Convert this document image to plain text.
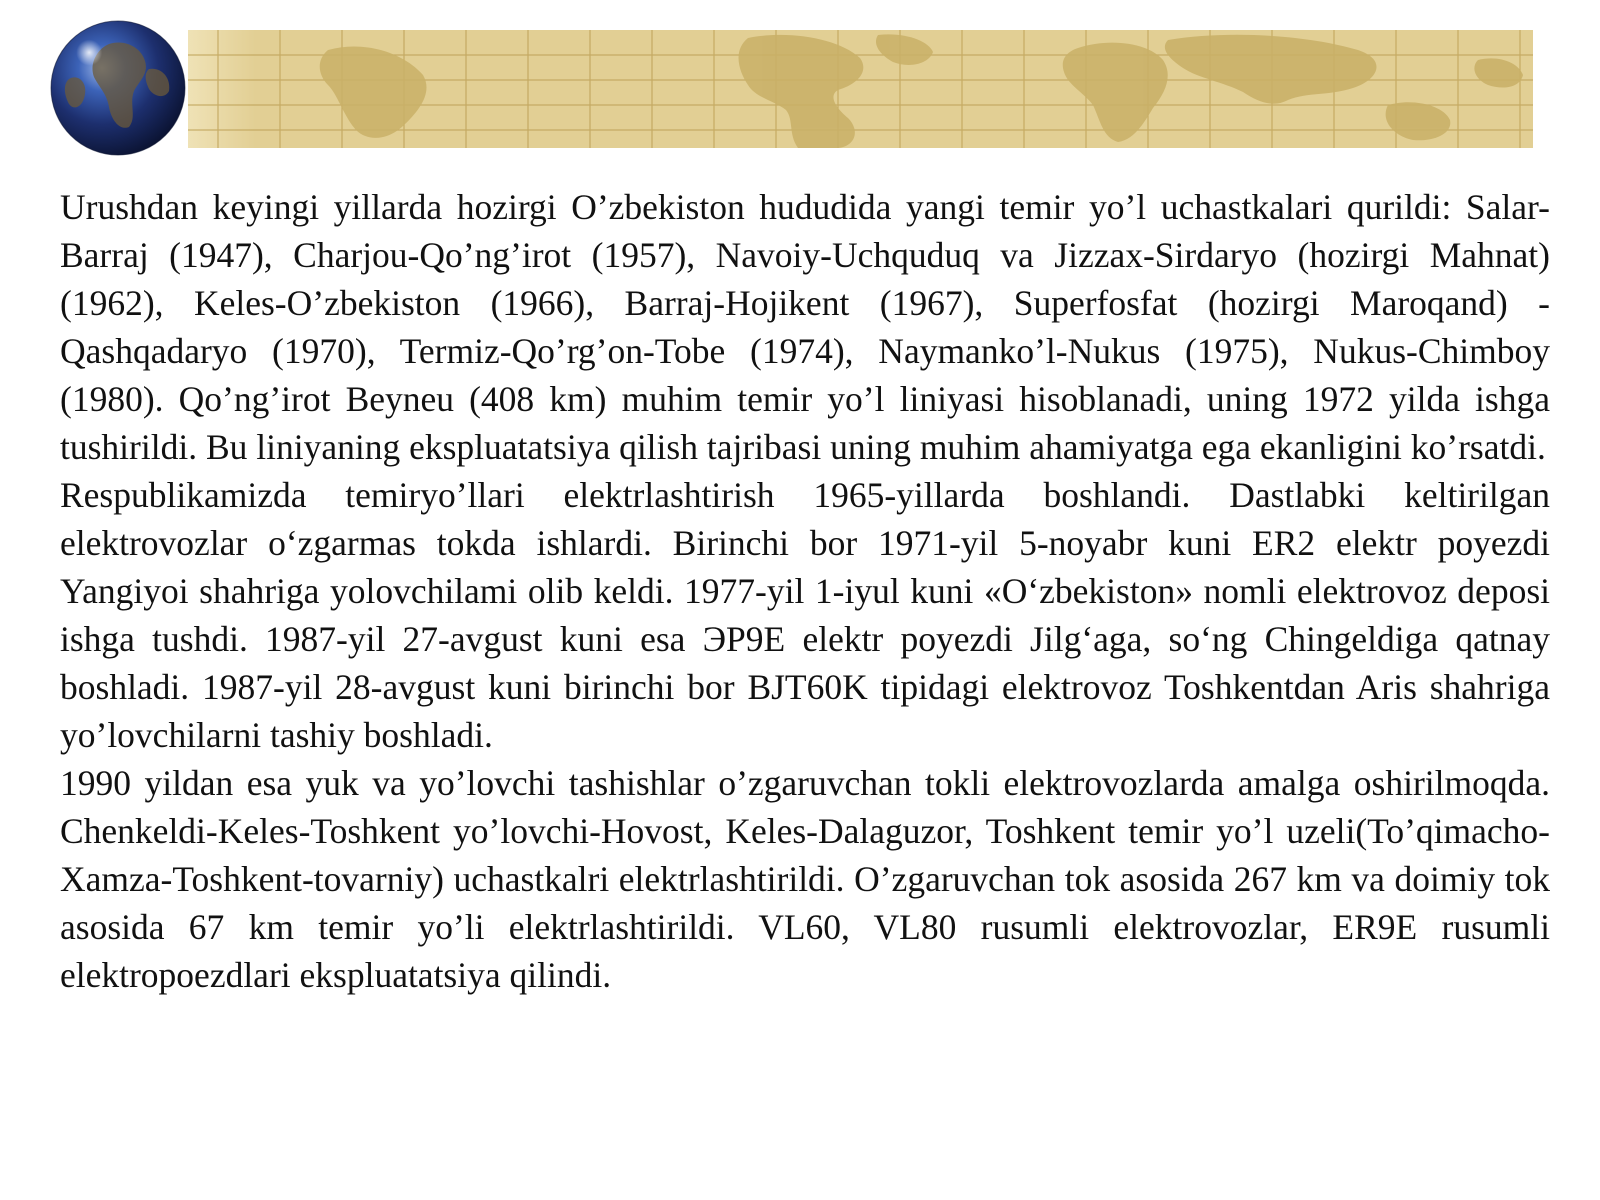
Urushdan keyingi yillarda hozirgi O’zbekiston hududida yangi temir yo’l uchastkalari qurildi: Salar-Barraj (1947), Charjou-Qo’ng’irot (1957), Navoiy-Uchquduq va Jizzax-Sirdaryo (hozirgi Mahnat) (1962), Keles-O’zbekiston (1966), Barraj-Hojikent (1967), Superfosfat (hozirgi Maroqand) - Qashqadaryo (1970), Termiz-Qo’rg’on-Tobe (1974), Naymanko’l-Nukus (1975), Nukus-Chimboy (1980). Qo’ng’irot Beyneu (408 km) muhim temir yo’l liniyasi hisoblanadi, uning 1972 yilda ishga tushirildi. Bu liniyaning ekspluatatsiya qilish tajribasi uning muhim ahamiyatga ega ekanligini ko’rsatdi.

Respublikamizda temiryo’llari elektrlashtirish 1965-yillarda boshlandi. Dastlabki keltirilgan elektrovozlar o‘zgarmas tokda ishlardi. Birinchi bor 1971-yil 5-noyabr kuni ER2 elektr poyezdi Yangiyoi shahriga yolovchilami olib keldi. 1977-yil 1-iyul kuni «O‘zbekiston» nomli elektrovoz deposi ishga tushdi. 1987-yil 27-avgust kuni esa ЭР9Е elektr poyezdi Jilg‘aga, so‘ng Chingeldiga qatnay boshladi. 1987-yil 28-avgust kuni birinchi bor BJT60K tipidagi elektrovoz Toshkentdan Aris shahriga yo’lovchilarni tashiy boshladi.

1990 yildan esa yuk va yo’lovchi tashishlar o’zgaruvchan tokli elektrovozlarda amalga oshirilmoqda. Chenkeldi-Keles-Toshkent yo’lovchi-Hovost, Keles-Dalaguzor, Toshkent temir yo’l uzeli(To’qimacho-Xamza-Toshkent-tovarniy) uchastkalri elektrlashtirildi. O’zgaruvchan tok asosida 267 km va doimiy tok asosida 67 km temir yo’li elektrlashtirildi. VL60, VL80 rusumli elektrovozlar, ER9E rusumli elektropoezdlari ekspluatatsiya qilindi.
